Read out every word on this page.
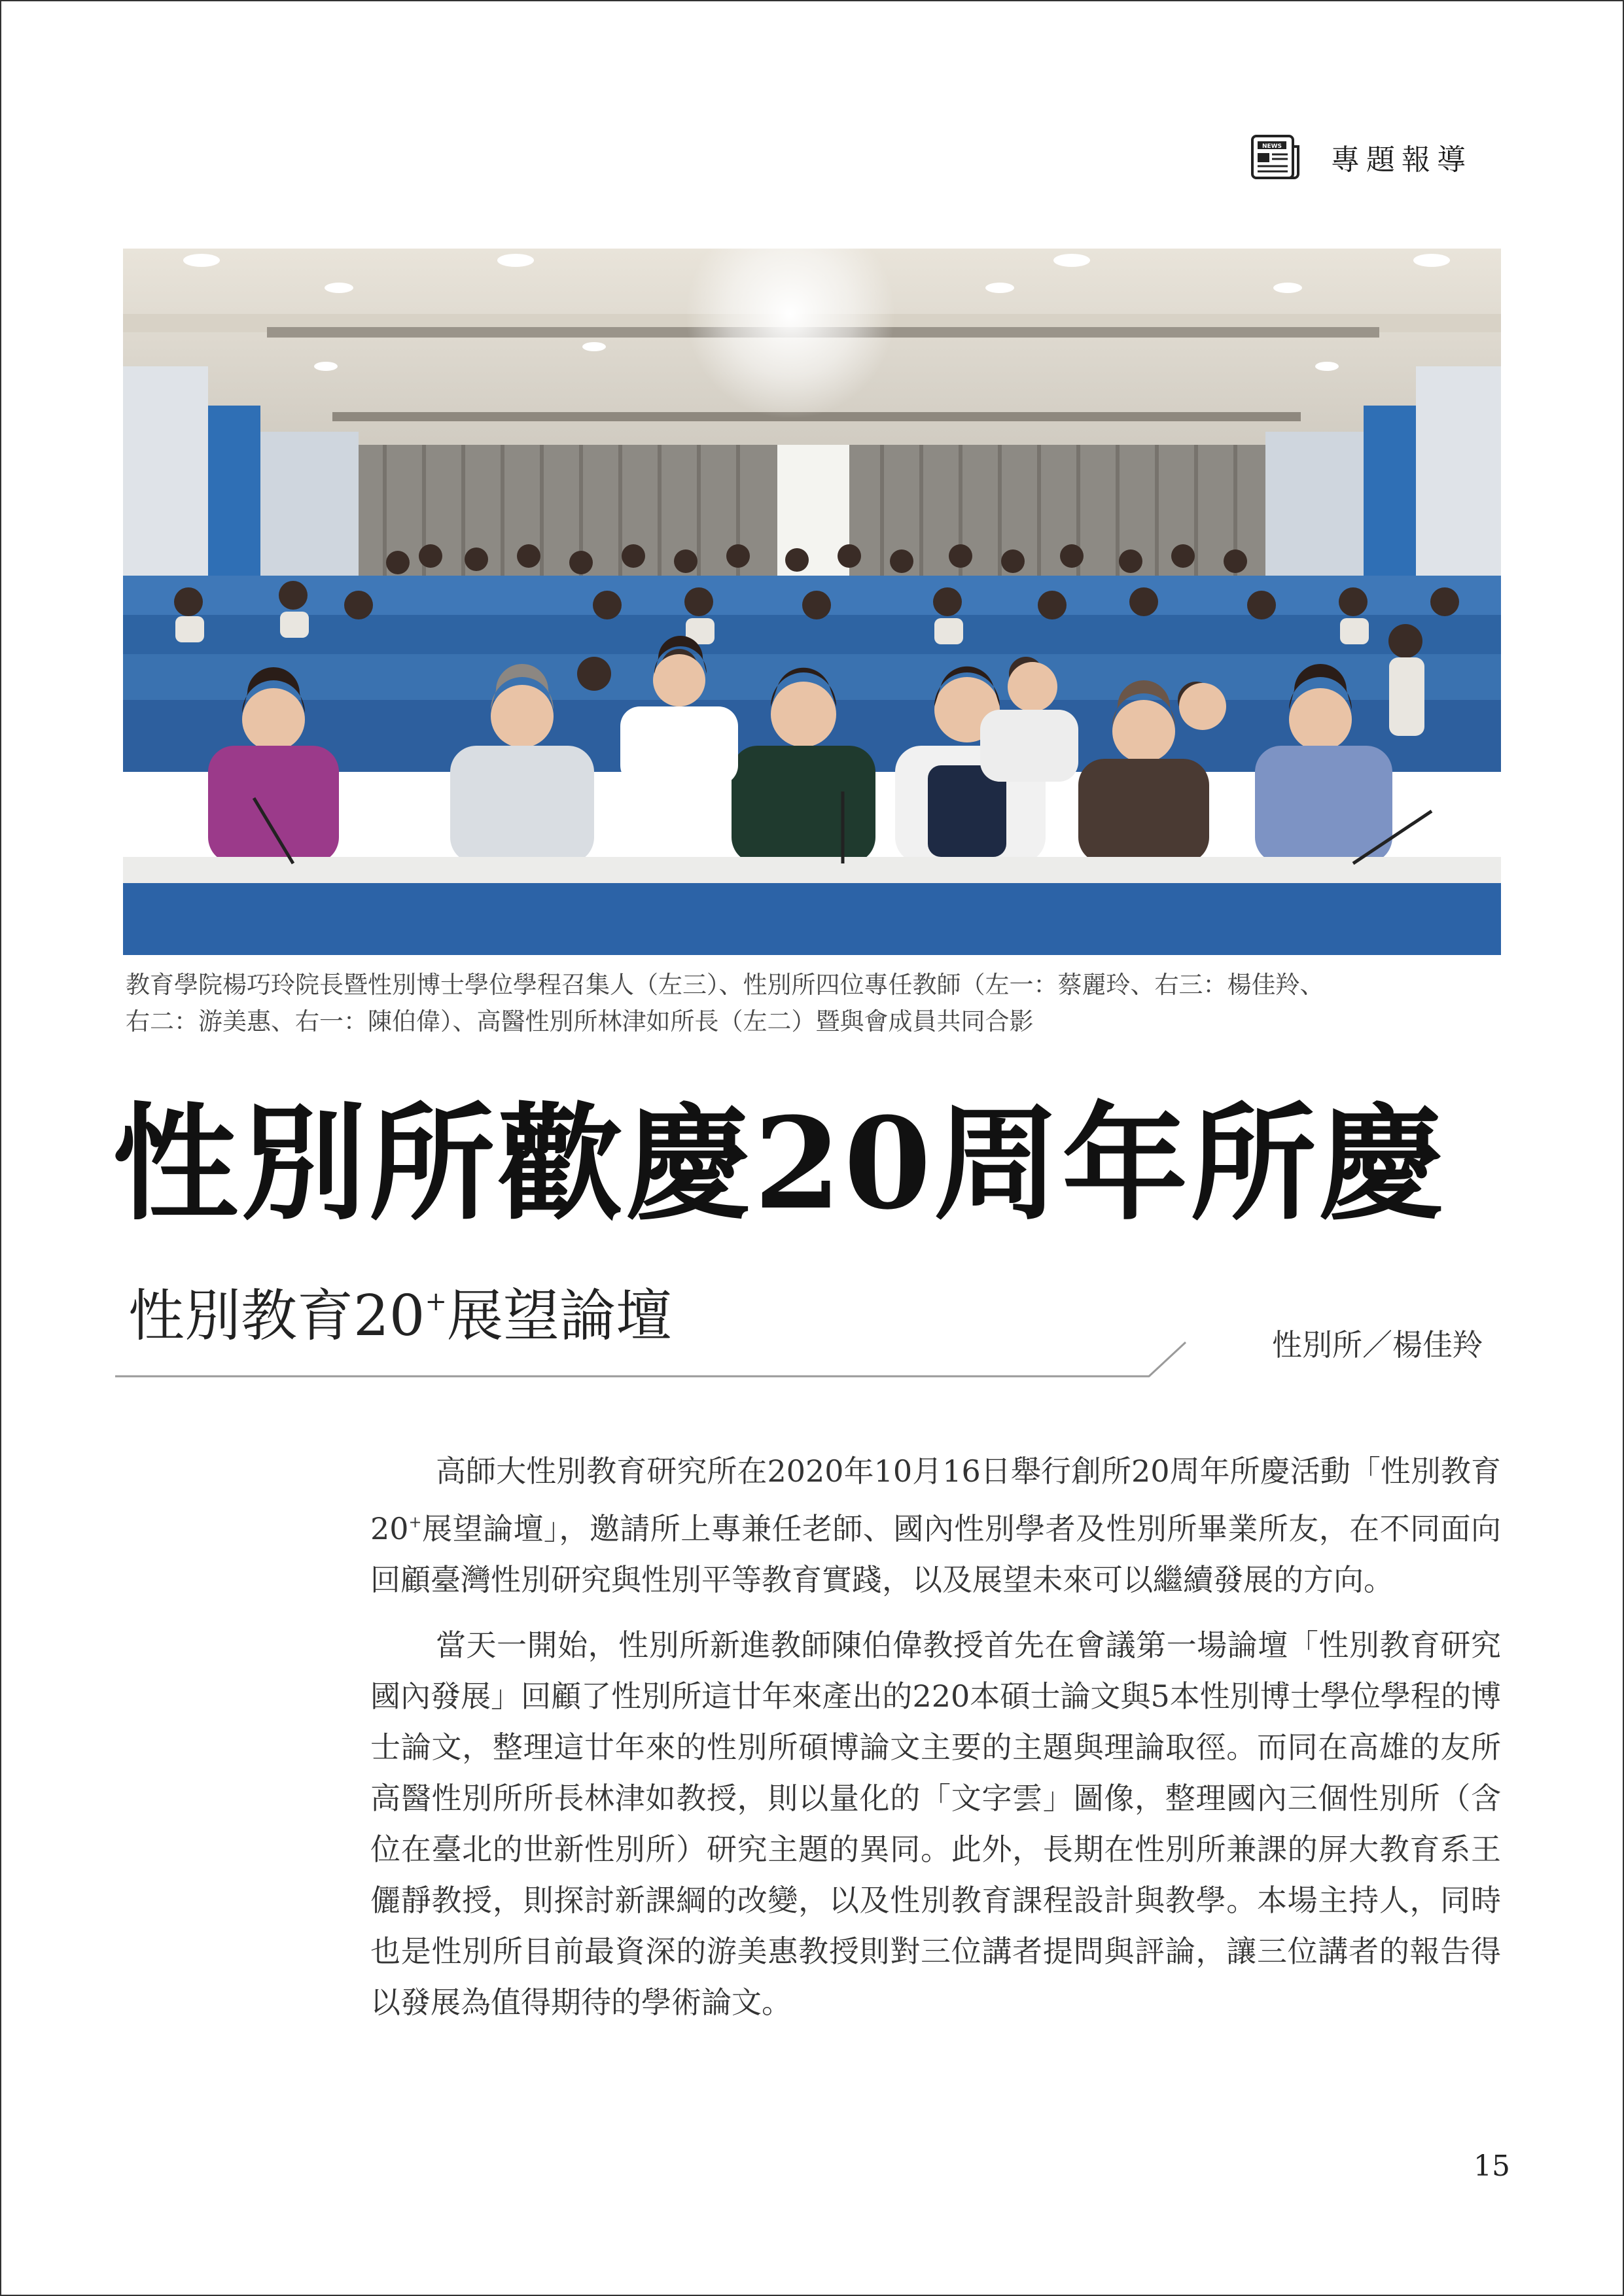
NEWS 專題報導

教育學院楊巧玲院長暨性別博士學位學程召集人（左三）、性別所四位專任教師（左一：蔡麗玲、右三：楊佳羚、

右二：游美惠、右一：陳伯偉）、高醫性別所林津如所長（左二）暨與會成員共同合影

性別所歡慶20周年所慶
性別教育20+展望論壇	性別所／楊佳羚

高師大性別教育研究所在2020年10月16日舉行創所20周年所慶活動「性別教育20+展望論壇」，邀請所上專兼任老師、國內性別學者及性別所畢業所友，在不同面向回顧臺灣性別研究與性別平等教育實踐，以及展望未來可以繼續發展的方向。

當天一開始，性別所新進教師陳伯偉教授首先在會議第一場論壇「性別教育研究國內發展」回顧了性別所這廿年來產出的220本碩士論文與5本性別博士學位學程的博士論文，整理這廿年來的性別所碩博論文主要的主題與理論取徑。而同在高雄的友所高醫性別所所長林津如教授，則以量化的「文字雲」圖像，整理國內三個性別所（含位在臺北的世新性別所）研究主題的異同。此外，長期在性別所兼課的屏大教育系王儷靜教授，則探討新課綱的改變，以及性別教育課程設計與教學。本場主持人，同時也是性別所目前最資深的游美惠教授則對三位講者提問與評論，讓三位講者的報告得以發展為值得期待的學術論文。

15
